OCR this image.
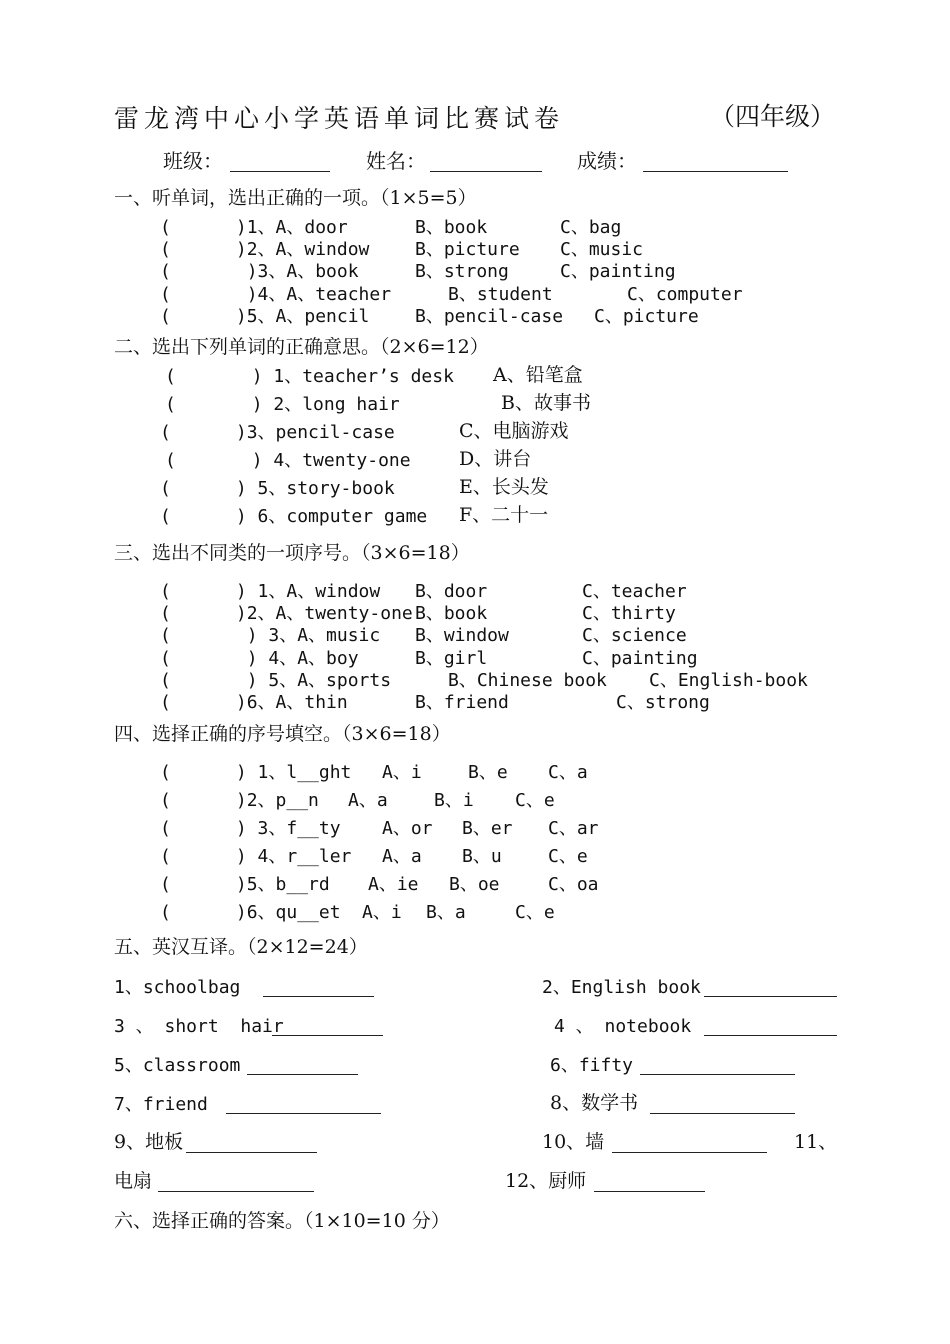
雷龙湾中心小学英语单词比赛试卷	（四年级）
班级：	姓名：	成绩：
一、听单词，选出正确的一项。（1×5=5）
(      )1、A、door	B、book	C、bag
(      )2、A、window	B、picture C、music
(       )3、A、book	B、strong	C、painting
(       )4、A、teacher	B、student	C、computer
(      )5、A、pencil	B、pencil-case C、picture
二、选出下列单词的正确意思。（2×6=12）
(       ) 1、teacher’s desk A、铅笔盒
(       ) 2、long hair	B、故事书
(      )3、pencil-case	C、电脑游戏
(       ) 4、twenty-one	D、讲台
(      ) 5、story-book	E、长头发
(      ) 6、computer game F、二十一
三、选出不同类的一项序号。（3×6=18）
(      ) 1、A、window B、door	C、teacher
(      )2、A、twenty-one B、book	C、thirty
(       ) 3、A、music B、window	C、science
(       ) 4、A、boy	B、girl	C、painting
(       ) 5、A、sports	B、Chinese book C、English-book
(      )6、A、thin	B、friend	C、strong
四、选择正确的序号填空。（3×6=18）
(      ) 1、l__ght A、i	B、e C、a
(      )2、p__n A、a	B、i C、e
(      ) 3、f__ty A、or B、er C、ar
(      ) 4、r__ler A、a B、u	C、e
(      )5、b__rd A、ie B、oe	C、oa
(      )6、qu__et A、i B、a	C、e
五、英汉互译。（2×12=24）
1、schoolbag	2、English book
3 、 short  hair	4 、 notebook
5、classroom	6、fifty
7、friend	8、数学书
9、地板	10、墙	11、
电扇	12、厨师
六、选择正确的答案。（1×10=10 分）
